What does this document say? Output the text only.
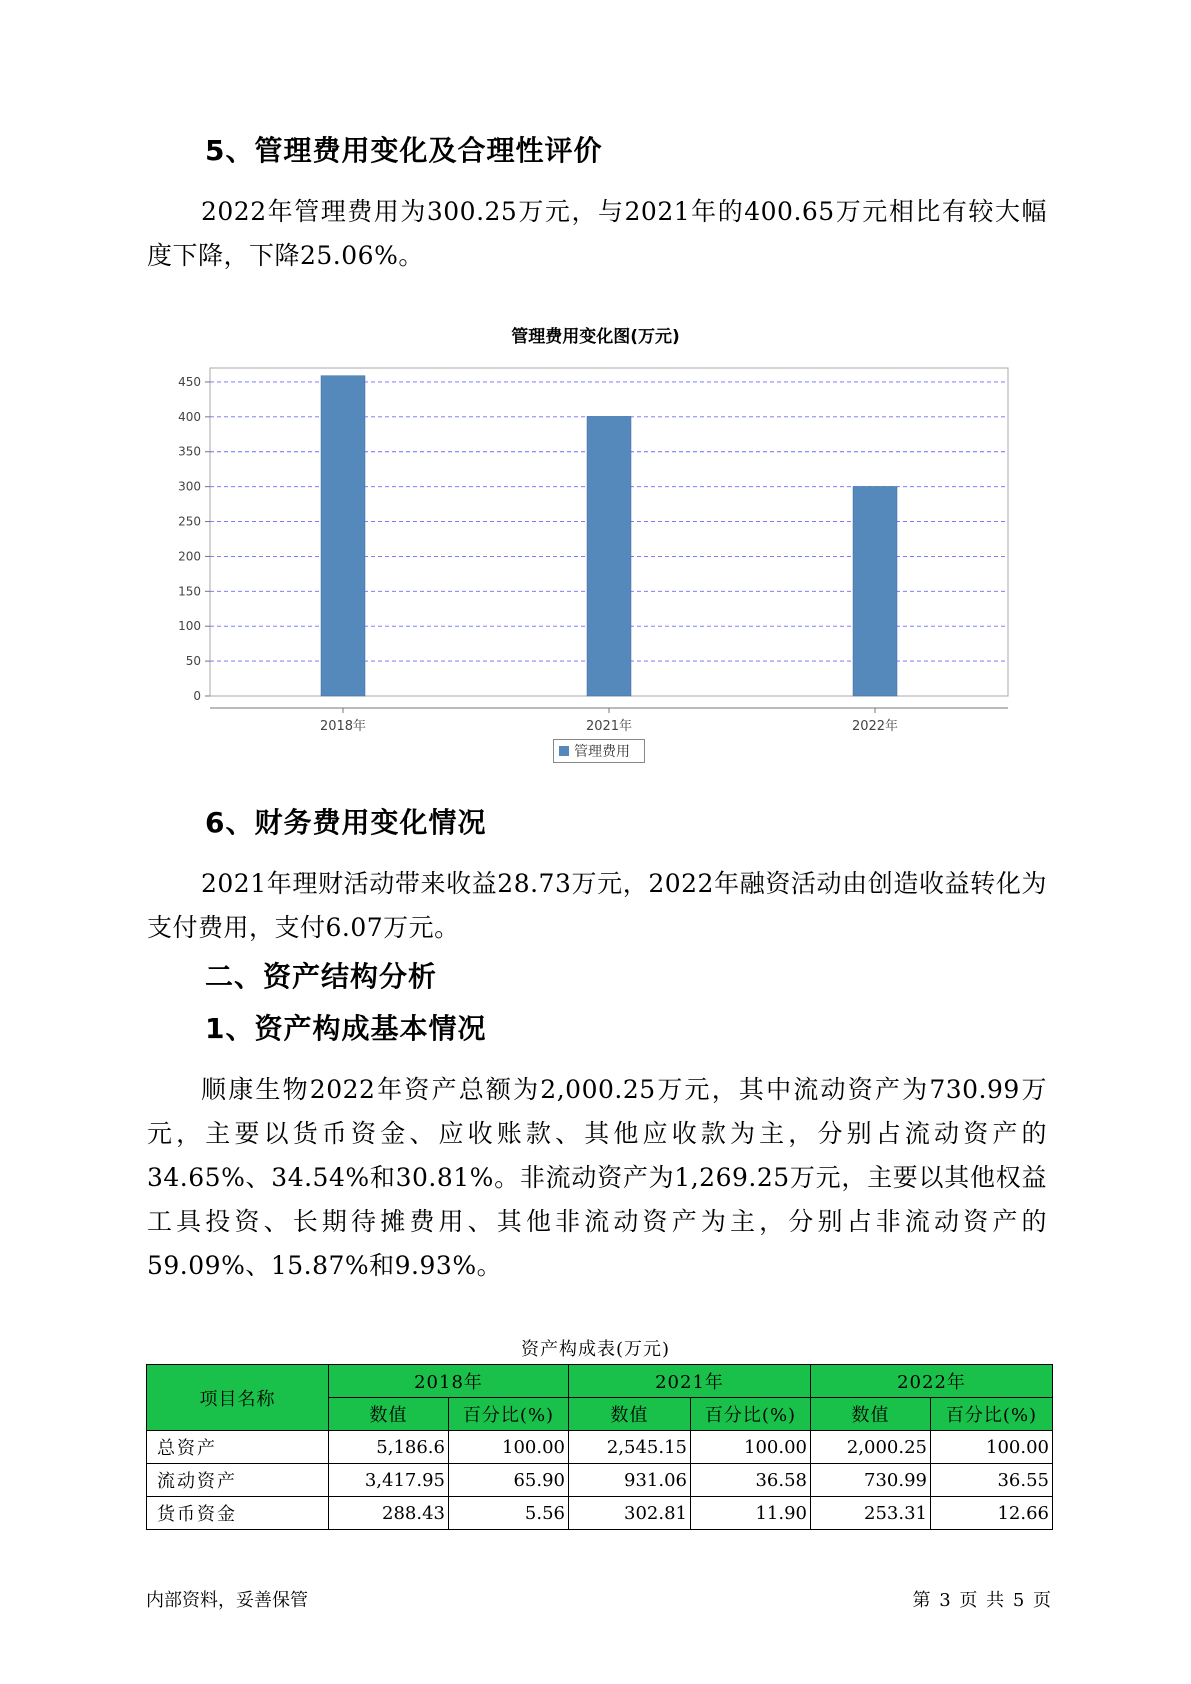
5、管理费用变化及合理性评价

2022年管理费用为300.25万元，与2021年的400.65万元相比有较大幅度下降，下降25.06%。

管理费用变化图(万元)
0
50
100
150
200
250
300
350
400
450
2018年	2021年	2022年
管理费用
6、财务费用变化情况

2021年理财活动带来收益28.73万元，2022年融资活动由创造收益转化为支付费用，支付6.07万元。

二、资产结构分析
1、资产构成基本情况

顺康生物2022年资产总额为2,000.25万元，其中流动资产为730.99万元，主要以货币资金、应收账款、其他应收款为主，分别占流动资产的34.65%、34.54%和30.81%。非流动资产为1,269.25万元，主要以其他权益工具投资、长期待摊费用、其他非流动资产为主，分别占非流动资产的59.09%、15.87%和9.93%。

资产构成表(万元)
项目名称	2018年		2021年		2022年	
	数值	百分比(%)	数值	百分比(%)	数值	百分比(%)
总资产	5,186.6	100.00	2,545.15	100.00	2,000.25	100.00
流动资产	3,417.95	65.90	931.06	36.58	730.99	36.55
货币资金	288.43	5.56	302.81	11.90	253.31	12.66
内部资料，妥善保管	第 3 页 共 5 页
